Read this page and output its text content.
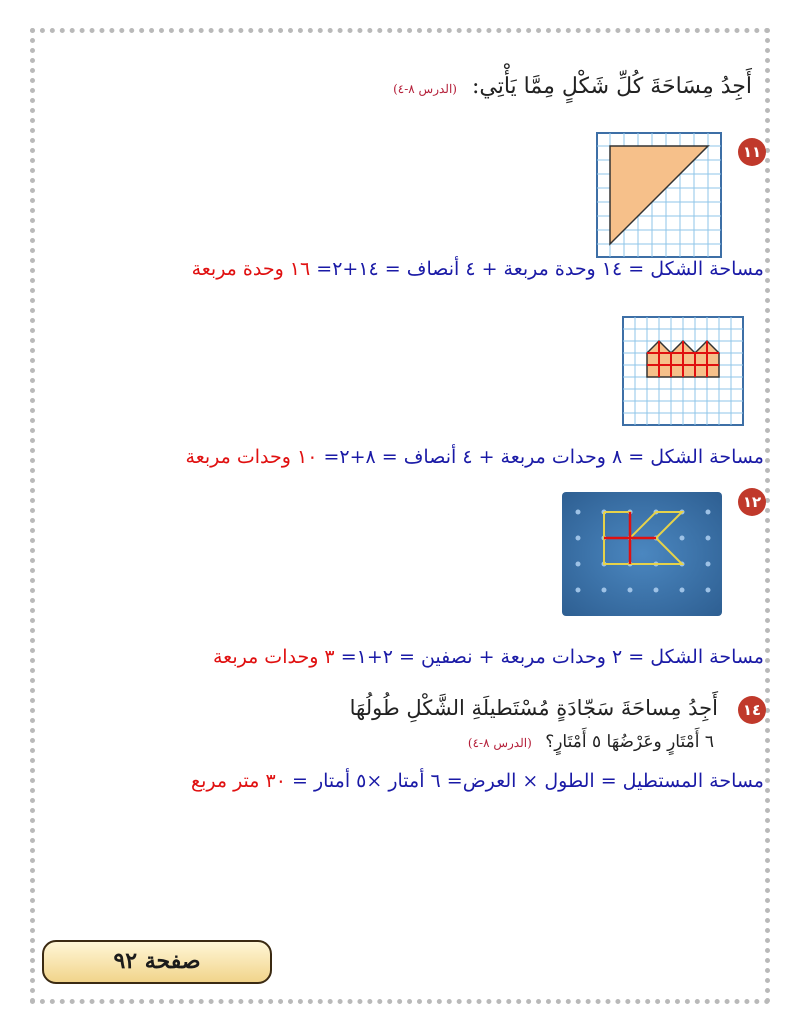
أَجِدُ مِسَاحَةَ كُلِّ شَكْلٍ مِمَّا يَأْتِي: (الدرس ٨-٤)
١١
مساحة الشكل = ١٤ وحدة مربعة + ٤ أنصاف = ١٤+٢= ١٦ وحدة مربعة
مساحة الشكل = ٨ وحدات مربعة + ٤ أنصاف = ٨+٢= ١٠ وحدات مربعة
١٢
مساحة الشكل = ٢ وحدات مربعة + نصفين = ٢+١= ٣ وحدات مربعة
١٤
أَجِدُ مِساحَةَ سَجّادَةٍ مُسْتَطيلَةِ الشَّكْلِ طُولُهَا
٦ أَمْتَارٍ وعَرْضُهَا ٥ أَمْتَارٍ؟ (الدرس ٨-٤)
مساحة المستطيل = الطول × العرض= ٦ أمتار ×٥ أمتار = ٣٠ متر مربع
صفحة ٩٢
